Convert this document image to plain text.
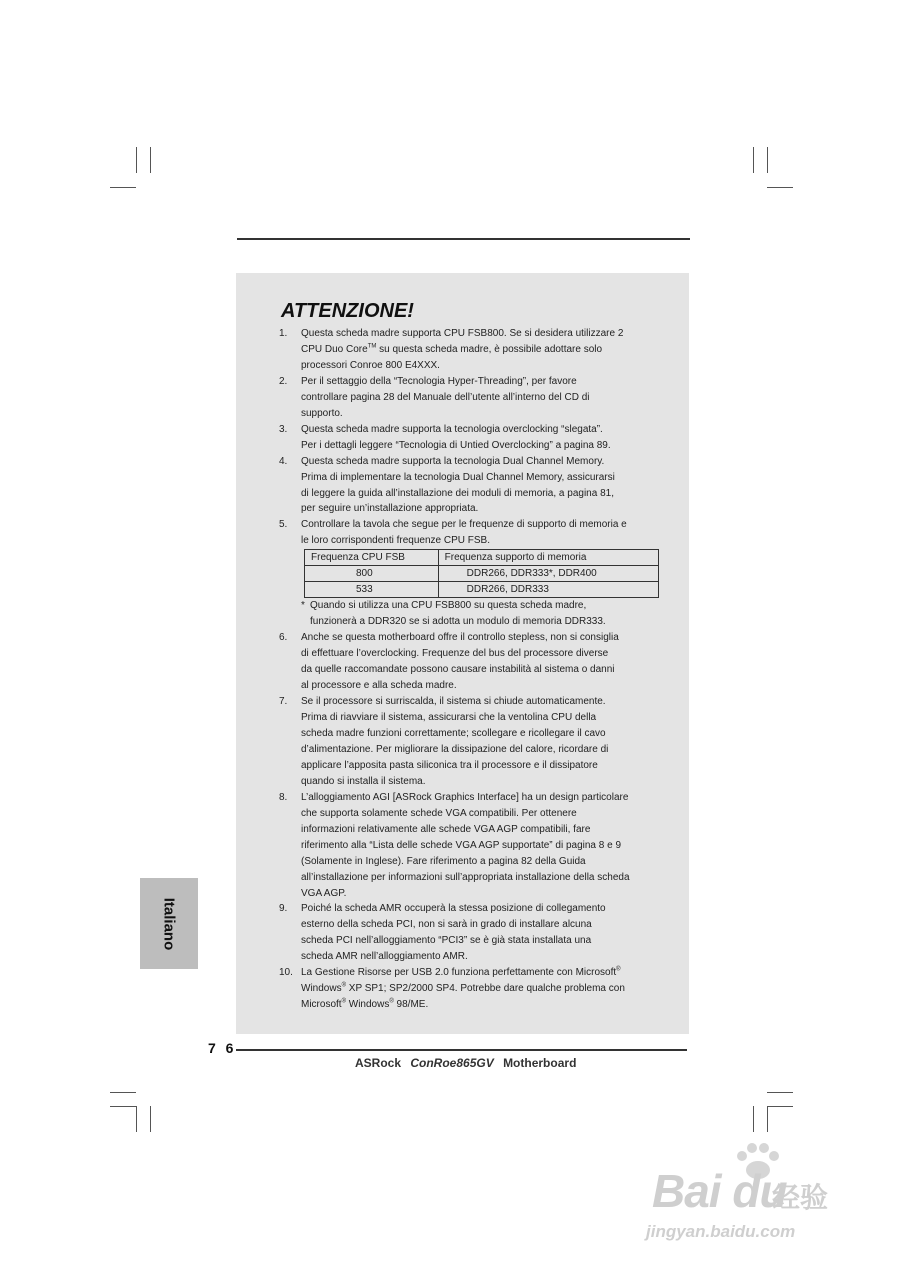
ATTENZIONE!
1. Questa scheda madre supporta CPU FSB800. Se si desidera utilizzare 2
CPU Duo Core™ su questa scheda madre, è possibile adottare solo
processori Conroe 800 E4XXX.
2. Per il settaggio della “Tecnologia Hyper-Threading”, per favore
controllare pagina 28 del Manuale dell’utente all’interno del CD di
supporto.
3. Questa scheda madre supporta la tecnologia overclocking “slegata”.
Per i dettagli leggere “Tecnologia di Untied Overclocking” a pagina 89.
4. Questa scheda madre supporta la tecnologia Dual Channel Memory.
Prima di implementare la tecnologia Dual Channel Memory, assicurarsi
di leggere la guida all’installazione dei moduli di memoria, a pagina 81,
per seguire un’installazione appropriata.
5. Controllare la tavola che segue per le frequenze di supporto di memoria e
le loro corrispondenti frequenze CPU FSB.
Frequenza CPU FSB	Frequenza supporto di memoria
800	DDR266, DDR333*, DDR400
533	DDR266, DDR333
* Quando si utilizza una CPU FSB800 su questa scheda madre,
funzionerà a DDR320 se si adotta un modulo di memoria DDR333.
6. Anche se questa motherboard offre il controllo stepless, non si consiglia
di effettuare l’overclocking. Frequenze del bus del processore diverse
da quelle raccomandate possono causare instabilità al sistema o danni
al processore e alla scheda madre.
7. Se il processore si surriscalda, il sistema si chiude automaticamente.
Prima di riavviare il sistema, assicurarsi che la ventolina CPU della
scheda madre funzioni correttamente; scollegare e ricollegare il cavo
d’alimentazione. Per migliorare la dissipazione del calore, ricordare di
applicare l’apposita pasta siliconica tra il processore e il dissipatore
quando si installa il sistema.
8. L’alloggiamento AGI [ASRock Graphics Interface] ha un design particolare
che supporta solamente schede VGA compatibili. Per ottenere
informazioni relativamente alle schede VGA AGP compatibili, fare
riferimento alla “Lista delle schede VGA AGP supportate” di pagina 8 e 9
(Solamente in Inglese). Fare riferimento a pagina 82 della Guida
all’installazione per informazioni sull’appropriata installazione della scheda
VGA AGP.
9. Poiché la scheda AMR occuperà la stessa posizione di collegamento
esterno della scheda PCI, non si sarà in grado di installare alcuna
scheda PCI nell’alloggiamento “PCI3” se è già stata installata una
scheda AMR nell’alloggiamento AMR.
10. La Gestione Risorse per USB 2.0 funziona perfettamente con Microsoft®
Windows® XP SP1; SP2/2000 SP4. Potrebbe dare qualche problema con
Microsoft® Windows® 98/ME.
Italiano
7 6
ASRock ConRoe865GV Motherboard
Bai du
经验
jingyan.baidu.com
